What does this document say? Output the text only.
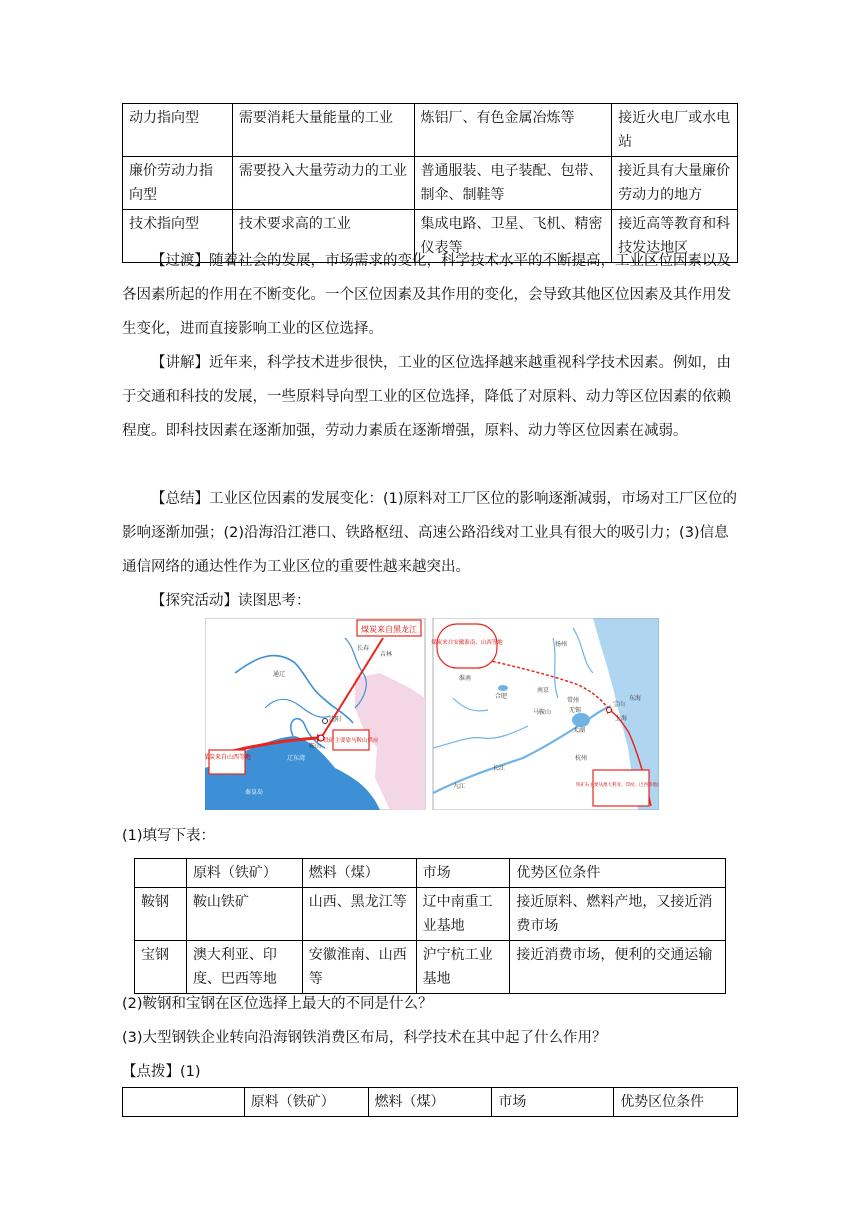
动力指向型	需要消耗大量能量的工业	炼铝厂、有色金属冶炼等	接近火电厂或水电站
廉价劳动力指向型	需要投入大量劳动力的工业	普通服装、电子装配、包带、制伞、制鞋等	接近具有大量廉价劳动力的地方
技术指向型	技术要求高的工业	集成电路、卫星、飞机、精密仪表等	接近高等教育和科技发达地区

【过渡】随着社会的发展，市场需求的变化，科学技术水平的不断提高，工业区位因素以及各因素所起的作用在不断变化。一个区位因素及其作用的变化，会导致其他区位因素及其作用发生变化，进而直接影响工业的区位选择。

【讲解】近年来，科学技术进步很快，工业的区位选择越来越重视科学技术因素。例如，由于交通和科技的发展，一些原料导向型工业的区位选择，降低了对原料、动力等区位因素的依赖程度。即科技因素在逐渐加强，劳动力素质在逐渐增强，原料、动力等区位因素在减弱。

【总结】工业区位因素的发展变化：(1)原料对工厂区位的影响逐渐减弱，市场对工厂区位的影响逐渐加强；(2)沿海沿江港口、铁路枢纽、高速公路沿线对工业具有很大的吸引力；(3)信息通信网络的通达性作为工业区位的重要性越来越突出。

【探究活动】读图思考：

煤炭来自黑龙江
煤炭来自山西等地
铁矿主要靠马鞍山供应
长春
吉林
通辽
沈阳
鞍山
辽东湾
秦皇岛
煤炭来自安徽淮南、山西等地
铁矿石主要从澳大利亚、印度、巴西等地进口
扬州
淮南
合肥
南京
马鞍山
常州
无锡
太湖
宝山
上海
东海
杭州
九江
长江

(1)填写下表：

	原料（铁矿）	燃料（煤）	市场	优势区位条件
鞍钢	鞍山铁矿	山西、黑龙江等	辽中南重工业基地	接近原料、燃料产地，又接近消费市场
宝钢	澳大利亚、印度、巴西等地	安徽淮南、山西等	沪宁杭工业基地	接近消费市场，便利的交通运输

(2)鞍钢和宝钢在区位选择上最大的不同是什么？

(3)大型钢铁企业转向沿海钢铁消费区布局，科学技术在其中起了什么作用？

【点拨】(1)

	原料（铁矿）	燃料（煤）	市场	优势区位条件
